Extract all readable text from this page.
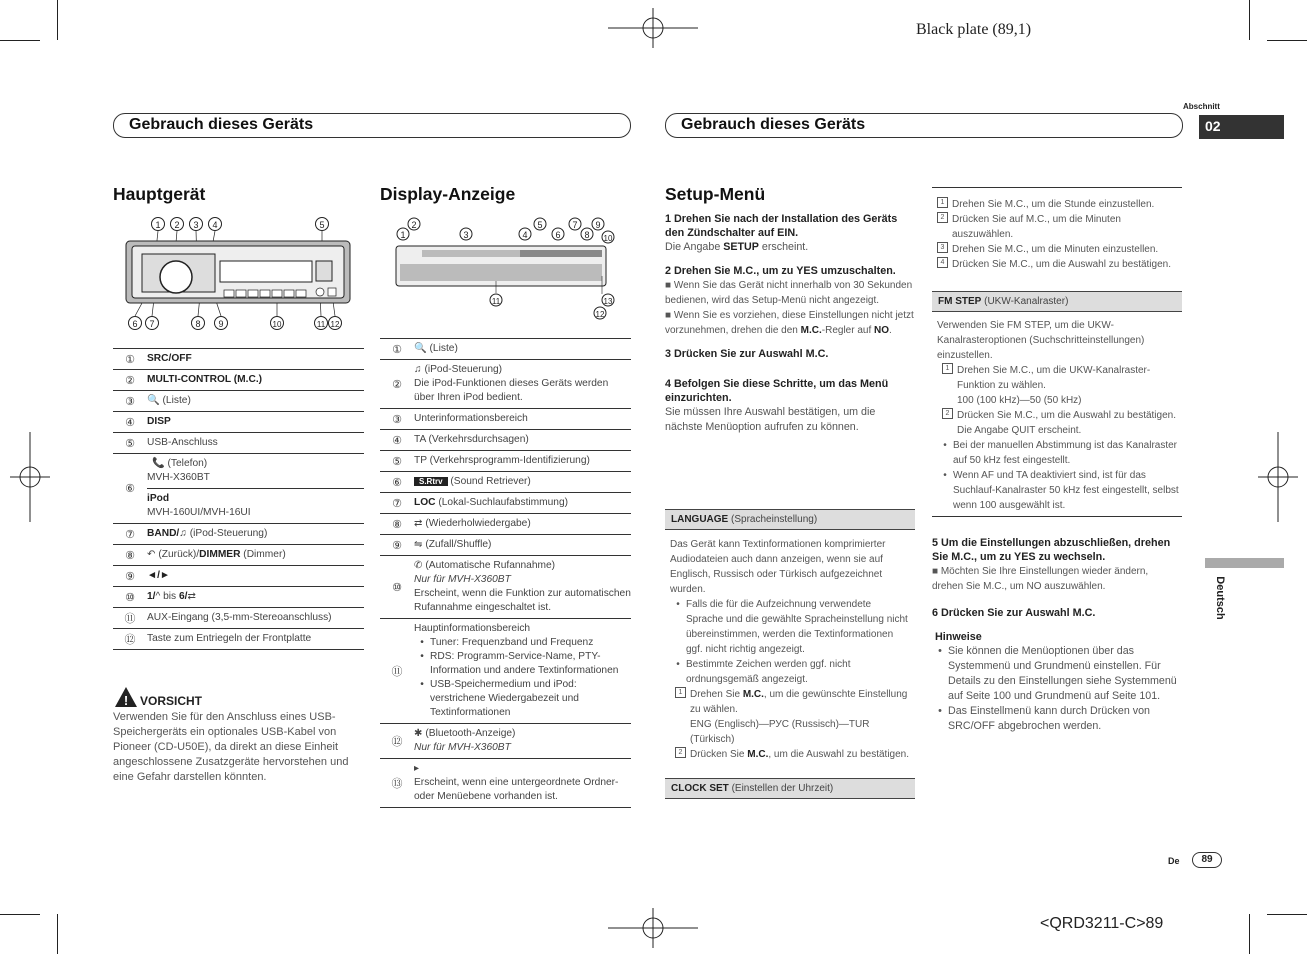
Black plate (89,1)
Abschnitt
02
Deutsch
Gebrauch dieses Geräts	Gebrauch dieses Geräts
Hauptgerät
1 2 3 4	5
6 7	8 9	10	11 12
①	SRC/OFF
②	MULTI-CONTROL (M.C.)
③	🔍 (Liste)
④	DISP
⑤	USB-Anschluss
⑥
📞 (Telefon)
MVH-X360BT
iPod
MVH-160UI/MVH-16UI
⑦	BAND/♫ (iPod-Steuerung)
⑧	↶ (Zurück)/DIMMER (Dimmer)
⑨	◄/►
⑩	1/^ bis 6/⇄
⑪	AUX-Eingang (3,5-mm-Stereoanschluss)
⑫	Taste zum Entriegeln der Frontplatte
! VORSICHT
Verwenden Sie für den Anschluss eines USB-Speichergeräts ein optionales USB-Kabel von Pioneer (CD-U50E), da direkt an diese Einheit angeschlossene Zusatzgeräte hervorstehen und eine Gefahr darstellen könnten.
Display-Anzeige
2
1	3	4
5
6
7
8
9
10
11	13
12
①	🔍 (Liste)
②
♫ (iPod-Steuerung)
Die iPod-Funktionen dieses Geräts werden über Ihren iPod bedient.
③	Unterinformationsbereich
④	TA (Verkehrsdurchsagen)
⑤	TP (Verkehrsprogramm-Identifizierung)
⑥	S.Rtrv (Sound Retriever)
⑦	LOC (Lokal-Suchlaufabstimmung)
⑧	⇄ (Wiederholwiedergabe)
⑨	⇋ (Zufall/Shuffle)
⑩
✆ (Automatische Rufannahme)
Nur für MVH-X360BT
Erscheint, wenn die Funktion zur automatischen Rufannahme eingeschaltet ist.
⑪
Hauptinformationsbereich
• Tuner: Frequenzband und Frequenz
• RDS: Programm-Service-Name, PTY-Information und andere Textinformationen
• USB-Speichermedium und iPod: verstrichene Wiedergabezeit und Textinformationen
⑫
✱ (Bluetooth-Anzeige)
Nur für MVH-X360BT
⑬
▸
Erscheint, wenn eine untergeordnete Ordner- oder Menüebene vorhanden ist.
Setup-Menü
1 Drehen Sie nach der Installation des Geräts den Zündschalter auf EIN.
Die Angabe SETUP erscheint.
2 Drehen Sie M.C., um zu YES umzuschalten.
■ Wenn Sie das Gerät nicht innerhalb von 30 Sekunden bedienen, wird das Setup-Menü nicht angezeigt.
■ Wenn Sie es vorziehen, diese Einstellungen nicht jetzt vorzunehmen, drehen die den M.C.-Regler auf NO.
3 Drücken Sie zur Auswahl M.C.
4 Befolgen Sie diese Schritte, um das Menü einzurichten.
Sie müssen Ihre Auswahl bestätigen, um die nächste Menüoption aufrufen zu können.
LANGUAGE (Spracheinstellung)
Das Gerät kann Textinformationen komprimierter Audiodateien auch dann anzeigen, wenn sie auf Englisch, Russisch oder Türkisch aufgezeichnet wurden.
• Falls die für die Aufzeichnung verwendete Sprache und die gewählte Spracheinstellung nicht übereinstimmen, werden die Textinformationen ggf. nicht richtig angezeigt.
• Bestimmte Zeichen werden ggf. nicht ordnungsgemäß angezeigt.
1 Drehen Sie M.C., um die gewünschte Einstellung zu wählen.
ENG (Englisch)—РУС (Russisch)—TUR (Türkisch)
2 Drücken Sie M.C., um die Auswahl zu bestätigen.
CLOCK SET (Einstellen der Uhrzeit)
1 Drehen Sie M.C., um die Stunde einzustellen.
2 Drücken Sie auf M.C., um die Minuten auszuwählen.
3 Drehen Sie M.C., um die Minuten einzustellen.
4 Drücken Sie M.C., um die Auswahl zu bestätigen.
FM STEP (UKW-Kanalraster)
Verwenden Sie FM STEP, um die UKW-Kanalrasteroptionen (Suchschritteinstellungen) einzustellen.
1 Drehen Sie M.C., um die UKW-Kanalraster-Funktion zu wählen.
100 (100 kHz)—50 (50 kHz)
2 Drücken Sie M.C., um die Auswahl zu bestätigen.
Die Angabe QUIT erscheint.
• Bei der manuellen Abstimmung ist das Kanalraster auf 50 kHz fest eingestellt.
• Wenn AF und TA deaktiviert sind, ist für das Suchlauf-Kanalraster 50 kHz fest eingestellt, selbst wenn 100 ausgewählt ist.
5 Um die Einstellungen abzuschließen, drehen Sie M.C., um zu YES zu wechseln.
■ Möchten Sie Ihre Einstellungen wieder ändern, drehen Sie M.C., um NO auszuwählen.
6 Drücken Sie zur Auswahl M.C.
Hinweise
• Sie können die Menüoptionen über das Systemmenü und Grundmenü einstellen. Für Details zu den Einstellungen siehe Systemmenü auf Seite 100 und Grundmenü auf Seite 101.
• Das Einstellmenü kann durch Drücken von SRC/OFF abgebrochen werden.
De	89
<QRD3211-C>89
